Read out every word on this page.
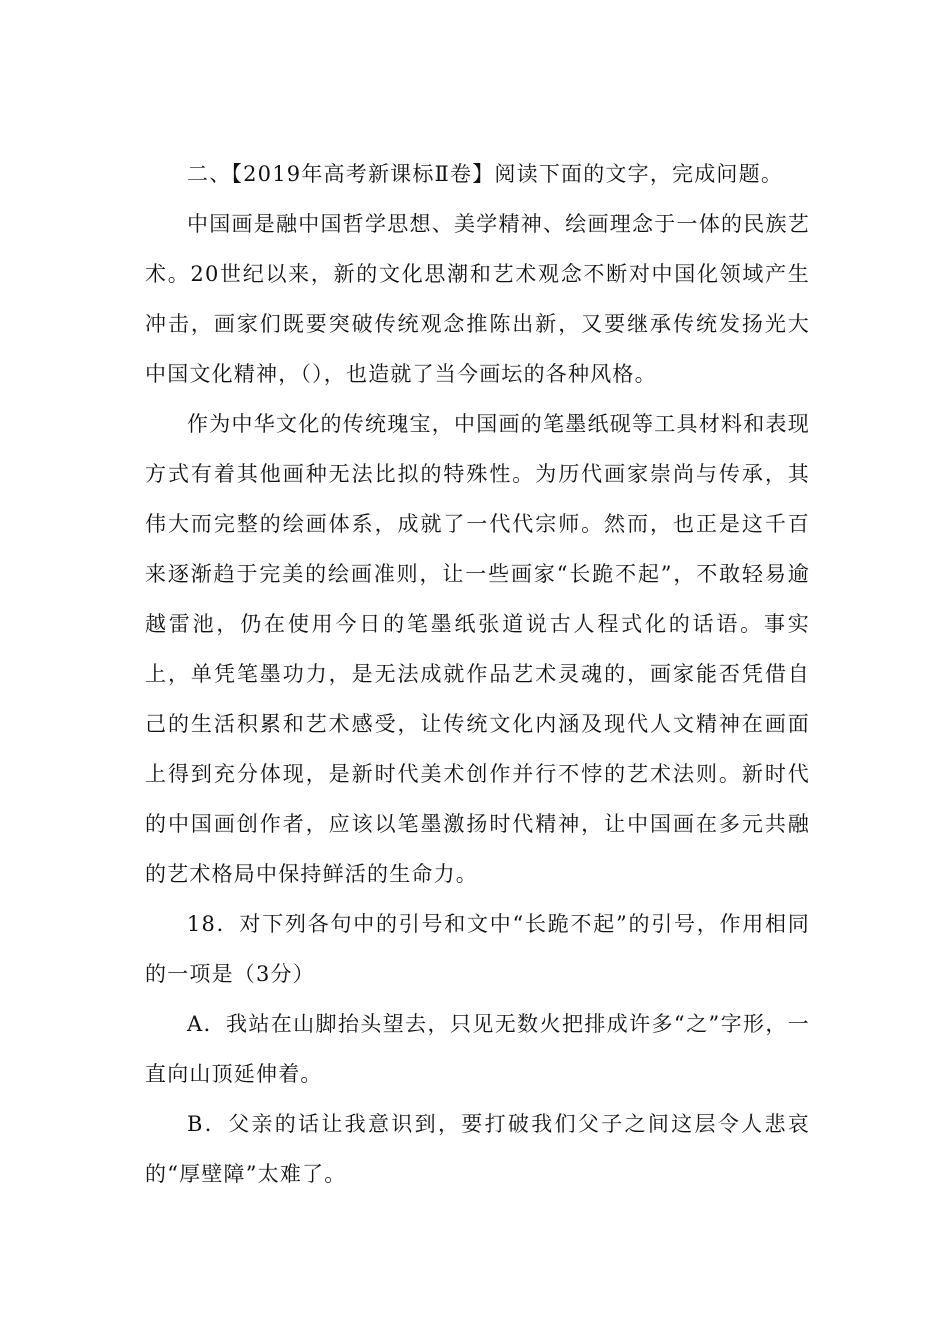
二、【2019年高考新课标Ⅱ卷】阅读下面的文字，完成问题。

中国画是融中国哲学思想、美学精神、绘画理念于一体的民族艺术。20世纪以来，新的文化思潮和艺术观念不断对中国化领域产生冲击，画家们既要突破传统观念推陈出新，又要继承传统发扬光大中国文化精神，（），也造就了当今画坛的各种风格。

作为中华文化的传统瑰宝，中国画的笔墨纸砚等工具材料和表现方式有着其他画种无法比拟的特殊性。为历代画家崇尚与传承，其伟大而完整的绘画体系，成就了一代代宗师。然而，也正是这千百来逐渐趋于完美的绘画准则，让一些画家“长跪不起”，不敢轻易逾越雷池，仍在使用今日的笔墨纸张道说古人程式化的话语。事实上，单凭笔墨功力，是无法成就作品艺术灵魂的，画家能否凭借自己的生活积累和艺术感受，让传统文化内涵及现代人文精神在画面上得到充分体现，是新时代美术创作并行不悖的艺术法则。新时代的中国画创作者，应该以笔墨激扬时代精神，让中国画在多元共融的艺术格局中保持鲜活的生命力。

18．对下列各句中的引号和文中“长跪不起”的引号，作用相同的一项是（3分）

A．我站在山脚抬头望去，只见无数火把排成许多“之”字形，一直向山顶延伸着。

B．父亲的话让我意识到，要打破我们父子之间这层令人悲哀的“厚壁障”太难了。
